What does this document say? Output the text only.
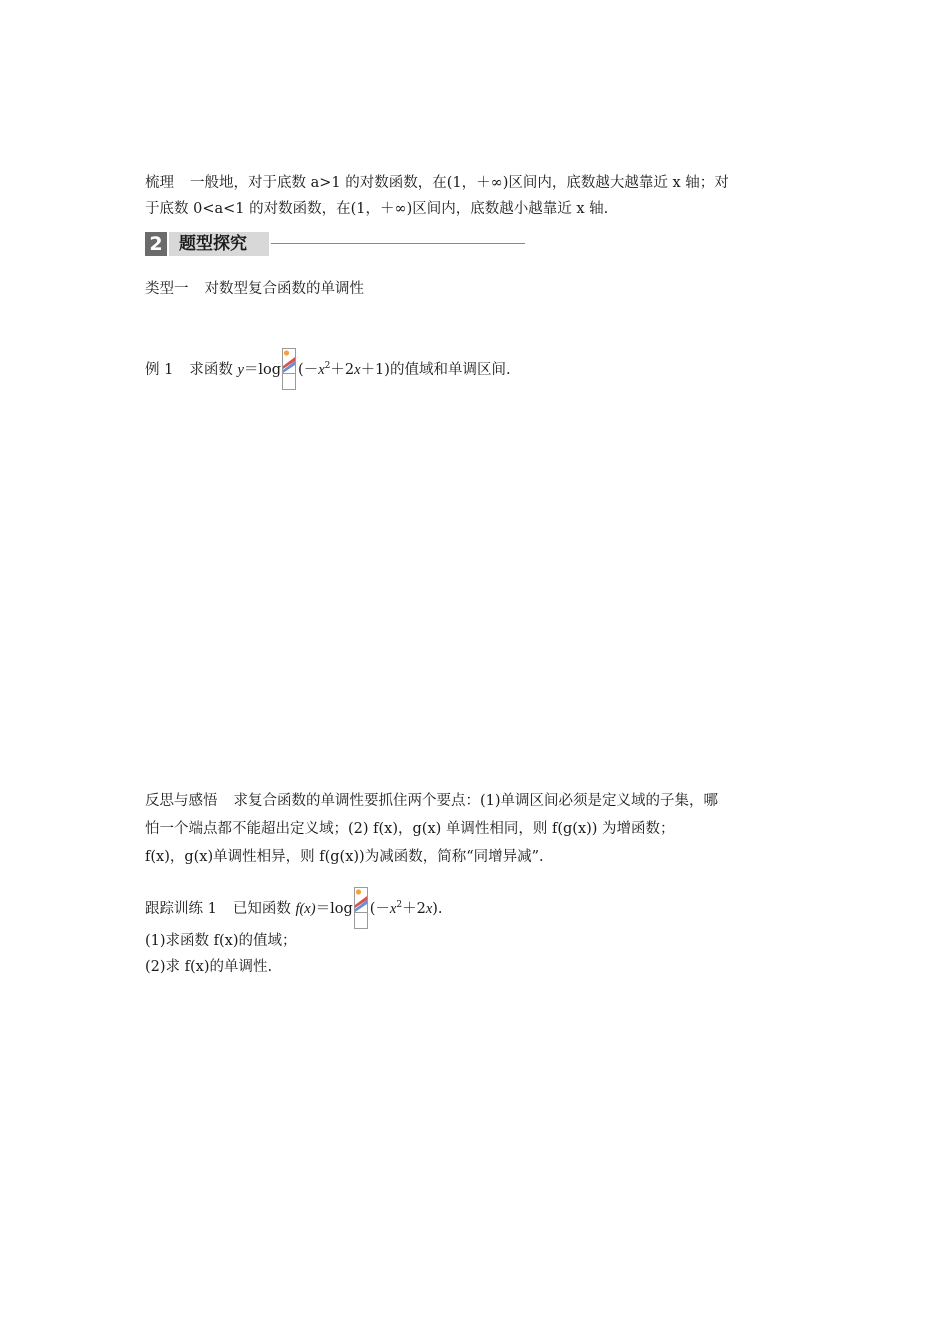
梳理 一般地，对于底数 a>1 的对数函数，在(1，＋∞)区间内，底数越大越靠近 x 轴；对
于底数 0<a<1 的对数函数，在(1，＋∞)区间内，底数越小越靠近 x 轴.
2 题型探究
类型一 对数型复合函数的单调性
例 1 求函数 y＝log $(-x^2+2x+1)$的值域和单调区间.
反思与感悟 求复合函数的单调性要抓住两个要点：(1)单调区间必须是定义域的子集，哪
怕一个端点都不能超出定义域；(2) f(x)，g(x) 单调性相同，则 f(g(x)) 为增函数；
f(x)，g(x)单调性相异，则 f(g(x))为减函数，简称“同增异减”.
跟踪训练 1 已知函数 f(x)＝log $(-x^2+2x)$.
(1)求函数 f(x)的值域；
(2)求 f(x)的单调性.
